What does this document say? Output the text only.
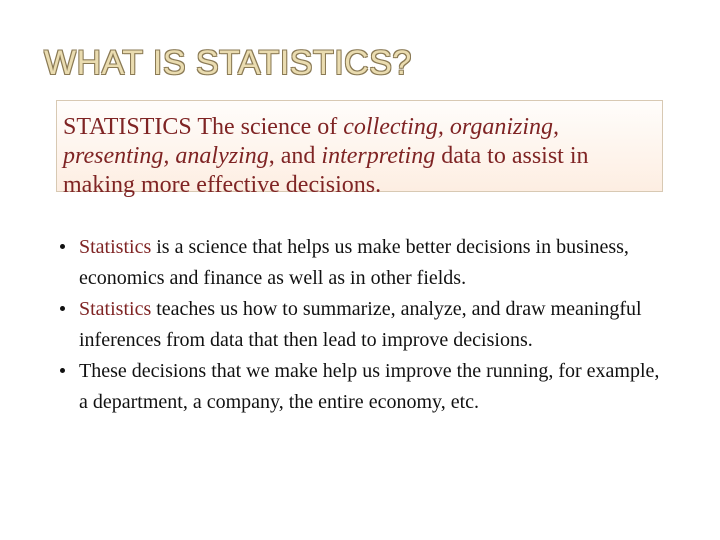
WHAT IS STATISTICS?
STATISTICS The science of collecting, organizing, presenting, analyzing, and interpreting data to assist in making more effective decisions.
Statistics is a science that helps us make better decisions in business, economics and finance as well as in other fields.
Statistics teaches us how to summarize, analyze, and draw meaningful inferences from data that then lead to improve decisions.
These decisions that we make help us improve the running, for example, a department, a company, the entire economy, etc.
